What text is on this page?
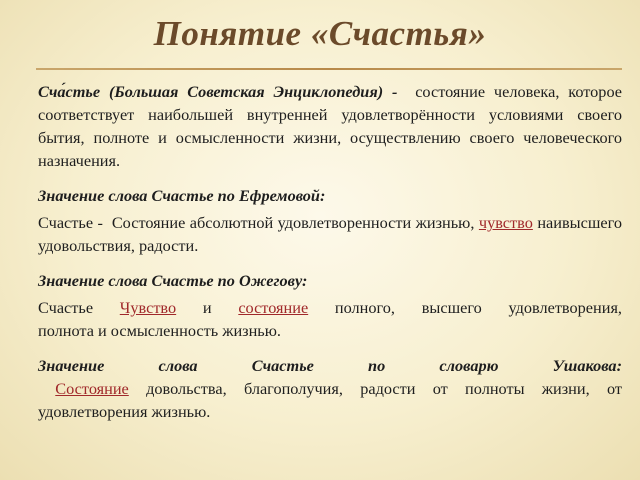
Понятие «Счастья»

Сча́стье (Большая Советская Энциклопедия) - состояние человека, которое соответствует наибольшей внутренней удовлетворённости условиями своего бытия, полноте и осмысленности жизни, осуществлению своего человеческого назначения.

Значение слова Счастье по Ефремовой:

Счастье - Состояние абсолютной удовлетворенности жизнью, чувство наивысшего удовольствия, радости.

Значение слова Счастье по Ожегову:

Счастье Чувство и состояние полного, высшего удовлетворения,
полнота и осмысленность жизнью.

Значение слова Счастье по словарю Ушакова:

Состояние довольства, благополучия, радости от полноты жизни, от удовлетворения жизнью.
